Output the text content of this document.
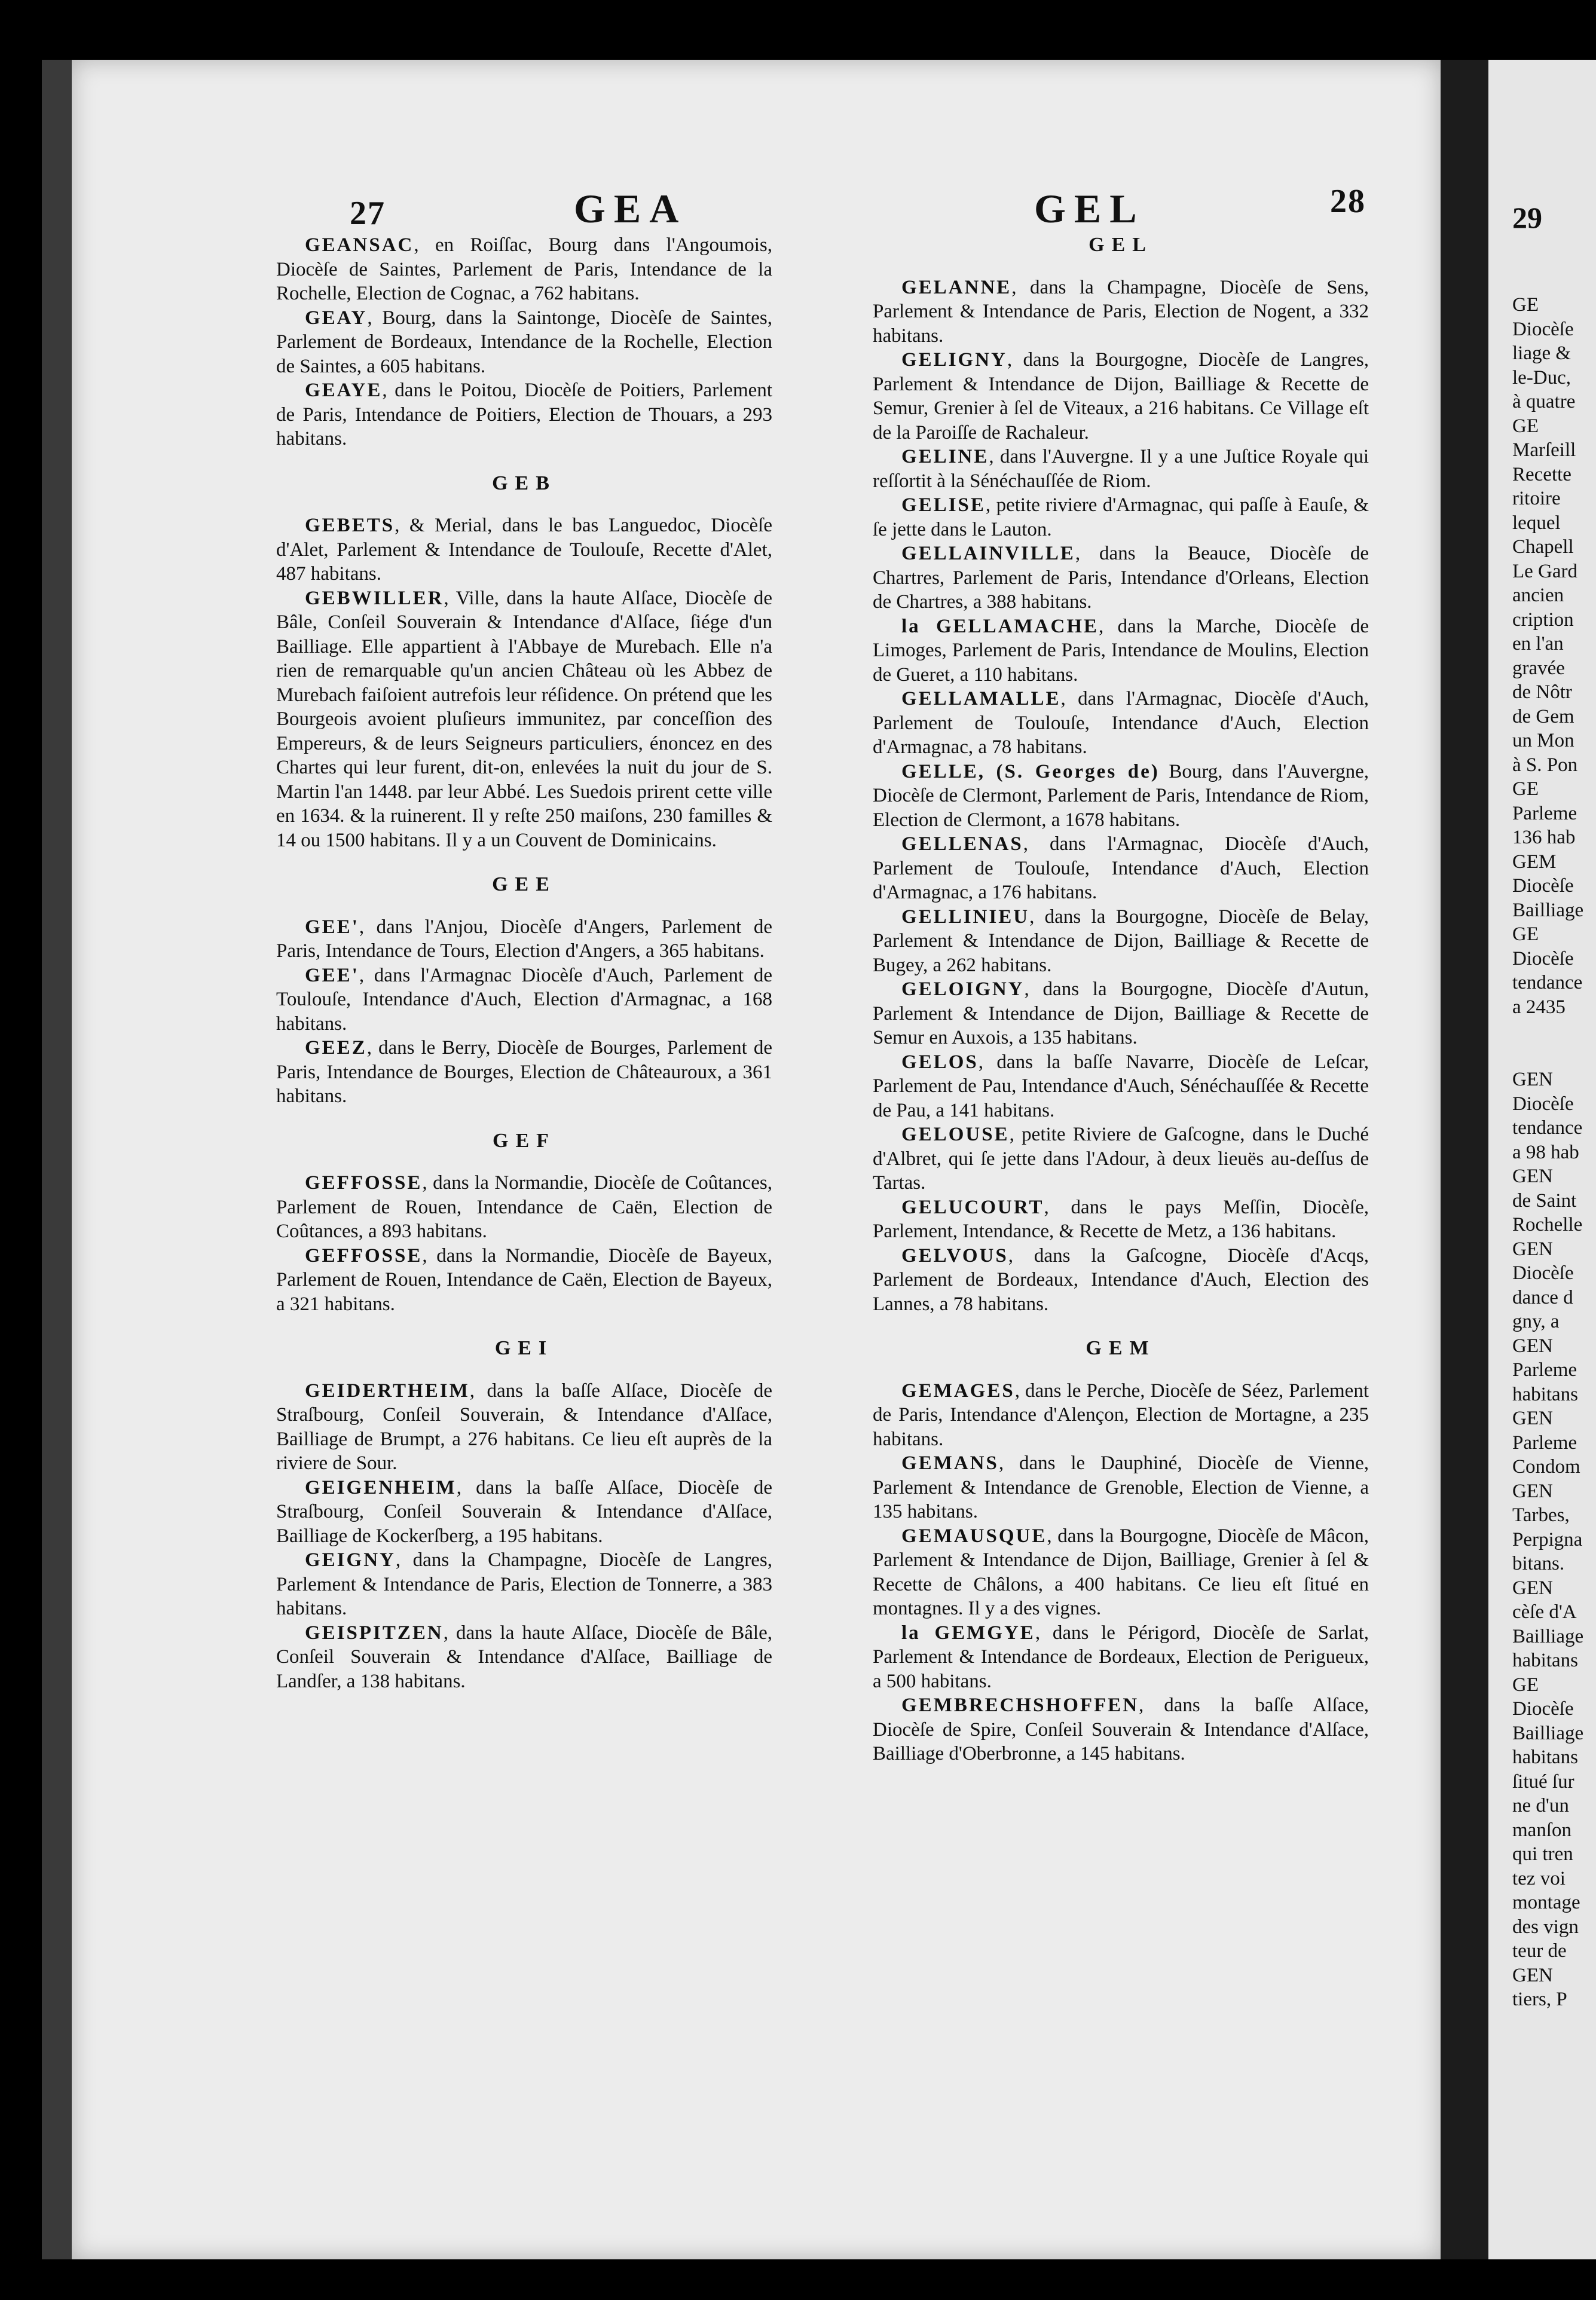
29
GE
Diocèſe
liage &
le-Duc,
à quatre
GE
Marſeill
Recette
ritoire
lequel
Chapell
Le Gard
ancien
cription
en l'an
gravée
de Nôtr
de Gem
un Mon
à S. Pon
GE
Parleme
136 hab
GEM
Diocèſe
Bailliage
GE
Diocèſe
tendance
a 2435
GEN
Diocèſe
tendance
a 98 hab
GEN
de Saint
Rochelle
GEN
Diocèſe
dance d
gny, a
GEN
Parleme
habitans
GEN
Parleme
Condom
GEN
Tarbes,
Perpigna
bitans.
GEN
cèſe d'A
Bailliage
habitans
GE
Diocèſe
Bailliage
habitans
ſitué ſur
ne d'un
manſon
qui tren
tez voi
montage
des vign
teur de
GEN
tiers, P
27	GEA	GEL	28

GEANSAC, en Roiſſac, Bourg dans l'Angoumois, Diocèſe de Saintes, Parlement de Paris, Intendance de la Rochelle, Election de Cognac, a 762 habitans.

GEAY, Bourg, dans la Saintonge, Diocèſe de Saintes, Parlement de Bordeaux, Intendance de la Rochelle, Election de Saintes, a 605 habitans.

GEAYE, dans le Poitou, Diocèſe de Poitiers, Parlement de Paris, Intendance de Poitiers, Election de Thouars, a 293 habitans.

GEB

GEBETS, & Merial, dans le bas Languedoc, Diocèſe d'Alet, Parlement & Intendance de Toulouſe, Recette d'Alet, 487 habitans.

GEBWILLER, Ville, dans la haute Alſace, Diocèſe de Bâle, Conſeil Souverain & Intendance d'Alſace, ſiége d'un Bailliage. Elle appartient à l'Abbaye de Murebach. Elle n'a rien de remarquable qu'un ancien Château où les Abbez de Murebach faiſoient autrefois leur réſidence. On prétend que les Bourgeois avoient pluſieurs immunitez, par conceſſion des Empereurs, & de leurs Seigneurs particuliers, énoncez en des Chartes qui leur furent, dit-on, enlevées la nuit du jour de S. Martin l'an 1448. par leur Abbé. Les Suedois prirent cette ville en 1634. & la ruinerent. Il y reſte 250 maiſons, 230 familles & 14 ou 1500 habitans. Il y a un Couvent de Dominicains.

GEE

GEE', dans l'Anjou, Diocèſe d'Angers, Parlement de Paris, Intendance de Tours, Election d'Angers, a 365 habitans.

GEE', dans l'Armagnac Diocèſe d'Auch, Parlement de Toulouſe, Intendance d'Auch, Election d'Armagnac, a 168 habitans.

GEEZ, dans le Berry, Diocèſe de Bourges, Parlement de Paris, Intendance de Bourges, Election de Châteauroux, a 361 habitans.

GEF

GEFFOSSE, dans la Normandie, Diocèſe de Coûtances, Parlement de Rouen, Intendance de Caën, Election de Coûtances, a 893 habitans.

GEFFOSSE, dans la Normandie, Diocèſe de Bayeux, Parlement de Rouen, Intendance de Caën, Election de Bayeux, a 321 habitans.

GEI

GEIDERTHEIM, dans la baſſe Alſace, Diocèſe de Straſbourg, Conſeil Souverain, & Intendance d'Alſace, Bailliage de Brumpt, a 276 habitans. Ce lieu eſt auprès de la riviere de Sour.

GEIGENHEIM, dans la baſſe Alſace, Diocèſe de Straſbourg, Conſeil Souverain & Intendance d'Alſace, Bailliage de Kockerſberg, a 195 habitans.

GEIGNY, dans la Champagne, Diocèſe de Langres, Parlement & Intendance de Paris, Election de Tonnerre, a 383 habitans.

GEISPITZEN, dans la haute Alſace, Diocèſe de Bâle, Conſeil Souverain & Intendance d'Alſace, Bailliage de Landſer, a 138 habitans.

GEL

GELANNE, dans la Champagne, Diocèſe de Sens, Parlement & Intendance de Paris, Election de Nogent, a 332 habitans.

GELIGNY, dans la Bourgogne, Diocèſe de Langres, Parlement & Intendance de Dijon, Bailliage & Recette de Semur, Grenier à ſel de Viteaux, a 216 habitans. Ce Village eſt de la Paroiſſe de Rachaleur.

GELINE, dans l'Auvergne. Il y a une Juſtice Royale qui reſſortit à la Sénéchauſſée de Riom.

GELISE, petite riviere d'Armagnac, qui paſſe à Eauſe, & ſe jette dans le Lauton.

GELLAINVILLE, dans la Beauce, Diocèſe de Chartres, Parlement de Paris, Intendance d'Orleans, Election de Chartres, a 388 habitans.

la GELLAMACHE, dans la Marche, Diocèſe de Limoges, Parlement de Paris, Intendance de Moulins, Election de Gueret, a 110 habitans.

GELLAMALLE, dans l'Armagnac, Diocèſe d'Auch, Parlement de Toulouſe, Intendance d'Auch, Election d'Armagnac, a 78 habitans.

GELLE, (S. Georges de) Bourg, dans l'Auvergne, Diocèſe de Clermont, Parlement de Paris, Intendance de Riom, Election de Clermont, a 1678 habitans.

GELLENAS, dans l'Armagnac, Diocèſe d'Auch, Parlement de Toulouſe, Intendance d'Auch, Election d'Armagnac, a 176 habitans.

GELLINIEU, dans la Bourgogne, Diocèſe de Belay, Parlement & Intendance de Dijon, Bailliage & Recette de Bugey, a 262 habitans.

GELOIGNY, dans la Bourgogne, Diocèſe d'Autun, Parlement & Intendance de Dijon, Bailliage & Recette de Semur en Auxois, a 135 habitans.

GELOS, dans la baſſe Navarre, Diocèſe de Leſcar, Parlement de Pau, Intendance d'Auch, Sénéchauſſée & Recette de Pau, a 141 habitans.

GELOUSE, petite Riviere de Gaſcogne, dans le Duché d'Albret, qui ſe jette dans l'Adour, à deux lieuës au-deſſus de Tartas.

GELUCOURT, dans le pays Meſſin, Diocèſe, Parlement, Intendance, & Recette de Metz, a 136 habitans.

GELVOUS, dans la Gaſcogne, Diocèſe d'Acqs, Parlement de Bordeaux, Intendance d'Auch, Election des Lannes, a 78 habitans.

GEM

GEMAGES, dans le Perche, Diocèſe de Séez, Parlement de Paris, Intendance d'Alençon, Election de Mortagne, a 235 habitans.

GEMANS, dans le Dauphiné, Diocèſe de Vienne, Parlement & Intendance de Grenoble, Election de Vienne, a 135 habitans.

GEMAUSQUE, dans la Bourgogne, Diocèſe de Mâcon, Parlement & Intendance de Dijon, Bailliage, Grenier à ſel & Recette de Châlons, a 400 habitans. Ce lieu eſt ſitué en montagnes. Il y a des vignes.

la GEMGYE, dans le Périgord, Diocèſe de Sarlat, Parlement & Intendance de Bordeaux, Election de Perigueux, a 500 habitans.

GEMBRECHSHOFFEN, dans la baſſe Alſace, Diocèſe de Spire, Conſeil Souverain & Intendance d'Alſace, Bailliage d'Oberbronne, a 145 habitans.
